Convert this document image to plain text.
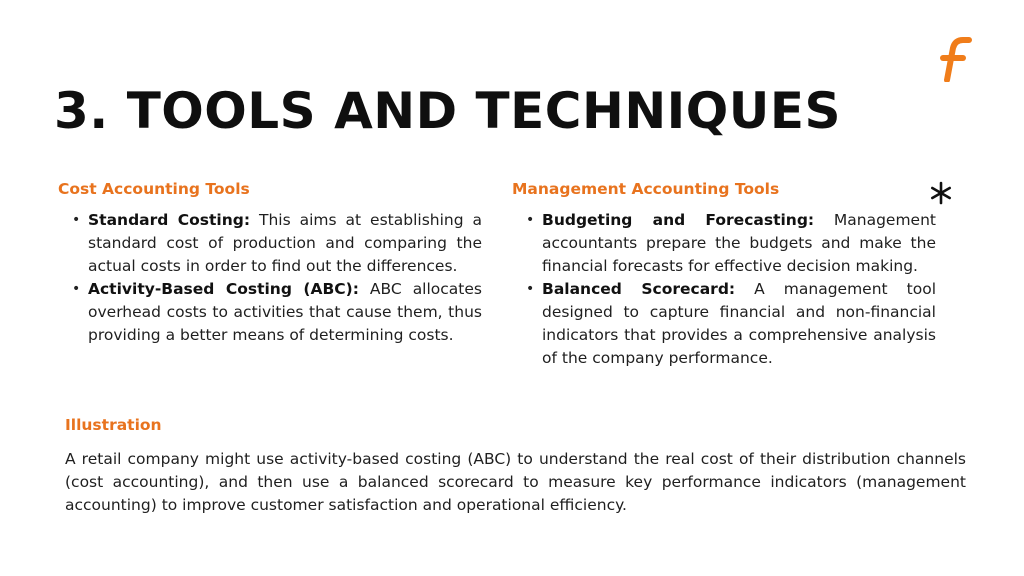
3. TOOLS AND TECHNIQUES
Cost Accounting Tools
• Standard Costing: This aims at establishing a standard cost of production and comparing the actual costs in order to find out the differences.
• Activity-Based Costing (ABC): ABC allocates overhead costs to activities that cause them, thus providing a better means of determining costs.
Management Accounting Tools
• Budgeting and Forecasting: Management accountants prepare the budgets and make the financial forecasts for effective decision making.
• Balanced Scorecard: A management tool designed to capture financial and non-financial indicators that provides a comprehensive analysis of the company performance.
Illustration

A retail company might use activity-based costing (ABC) to understand the real cost of their distribution channels (cost accounting), and then use a balanced scorecard to measure key performance indicators (management accounting) to improve customer satisfaction and operational efficiency.
